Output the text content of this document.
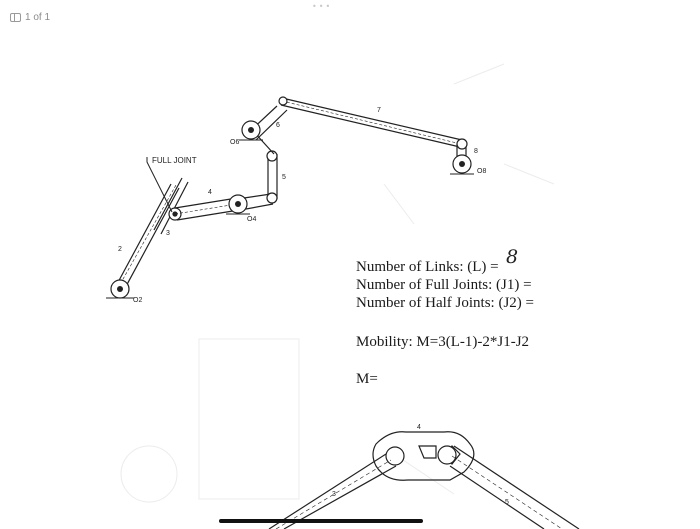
1 of 1
•••
FULL JOINT
2
3
4
5
6
7
8
O2
O4
O6
O8
3
4
5
Number of Links: (L) = 8
Number of Full Joints: (J1) =
Number of Half Joints: (J2) =
Mobility: M=3(L-1)-2*J1-J2
M=
